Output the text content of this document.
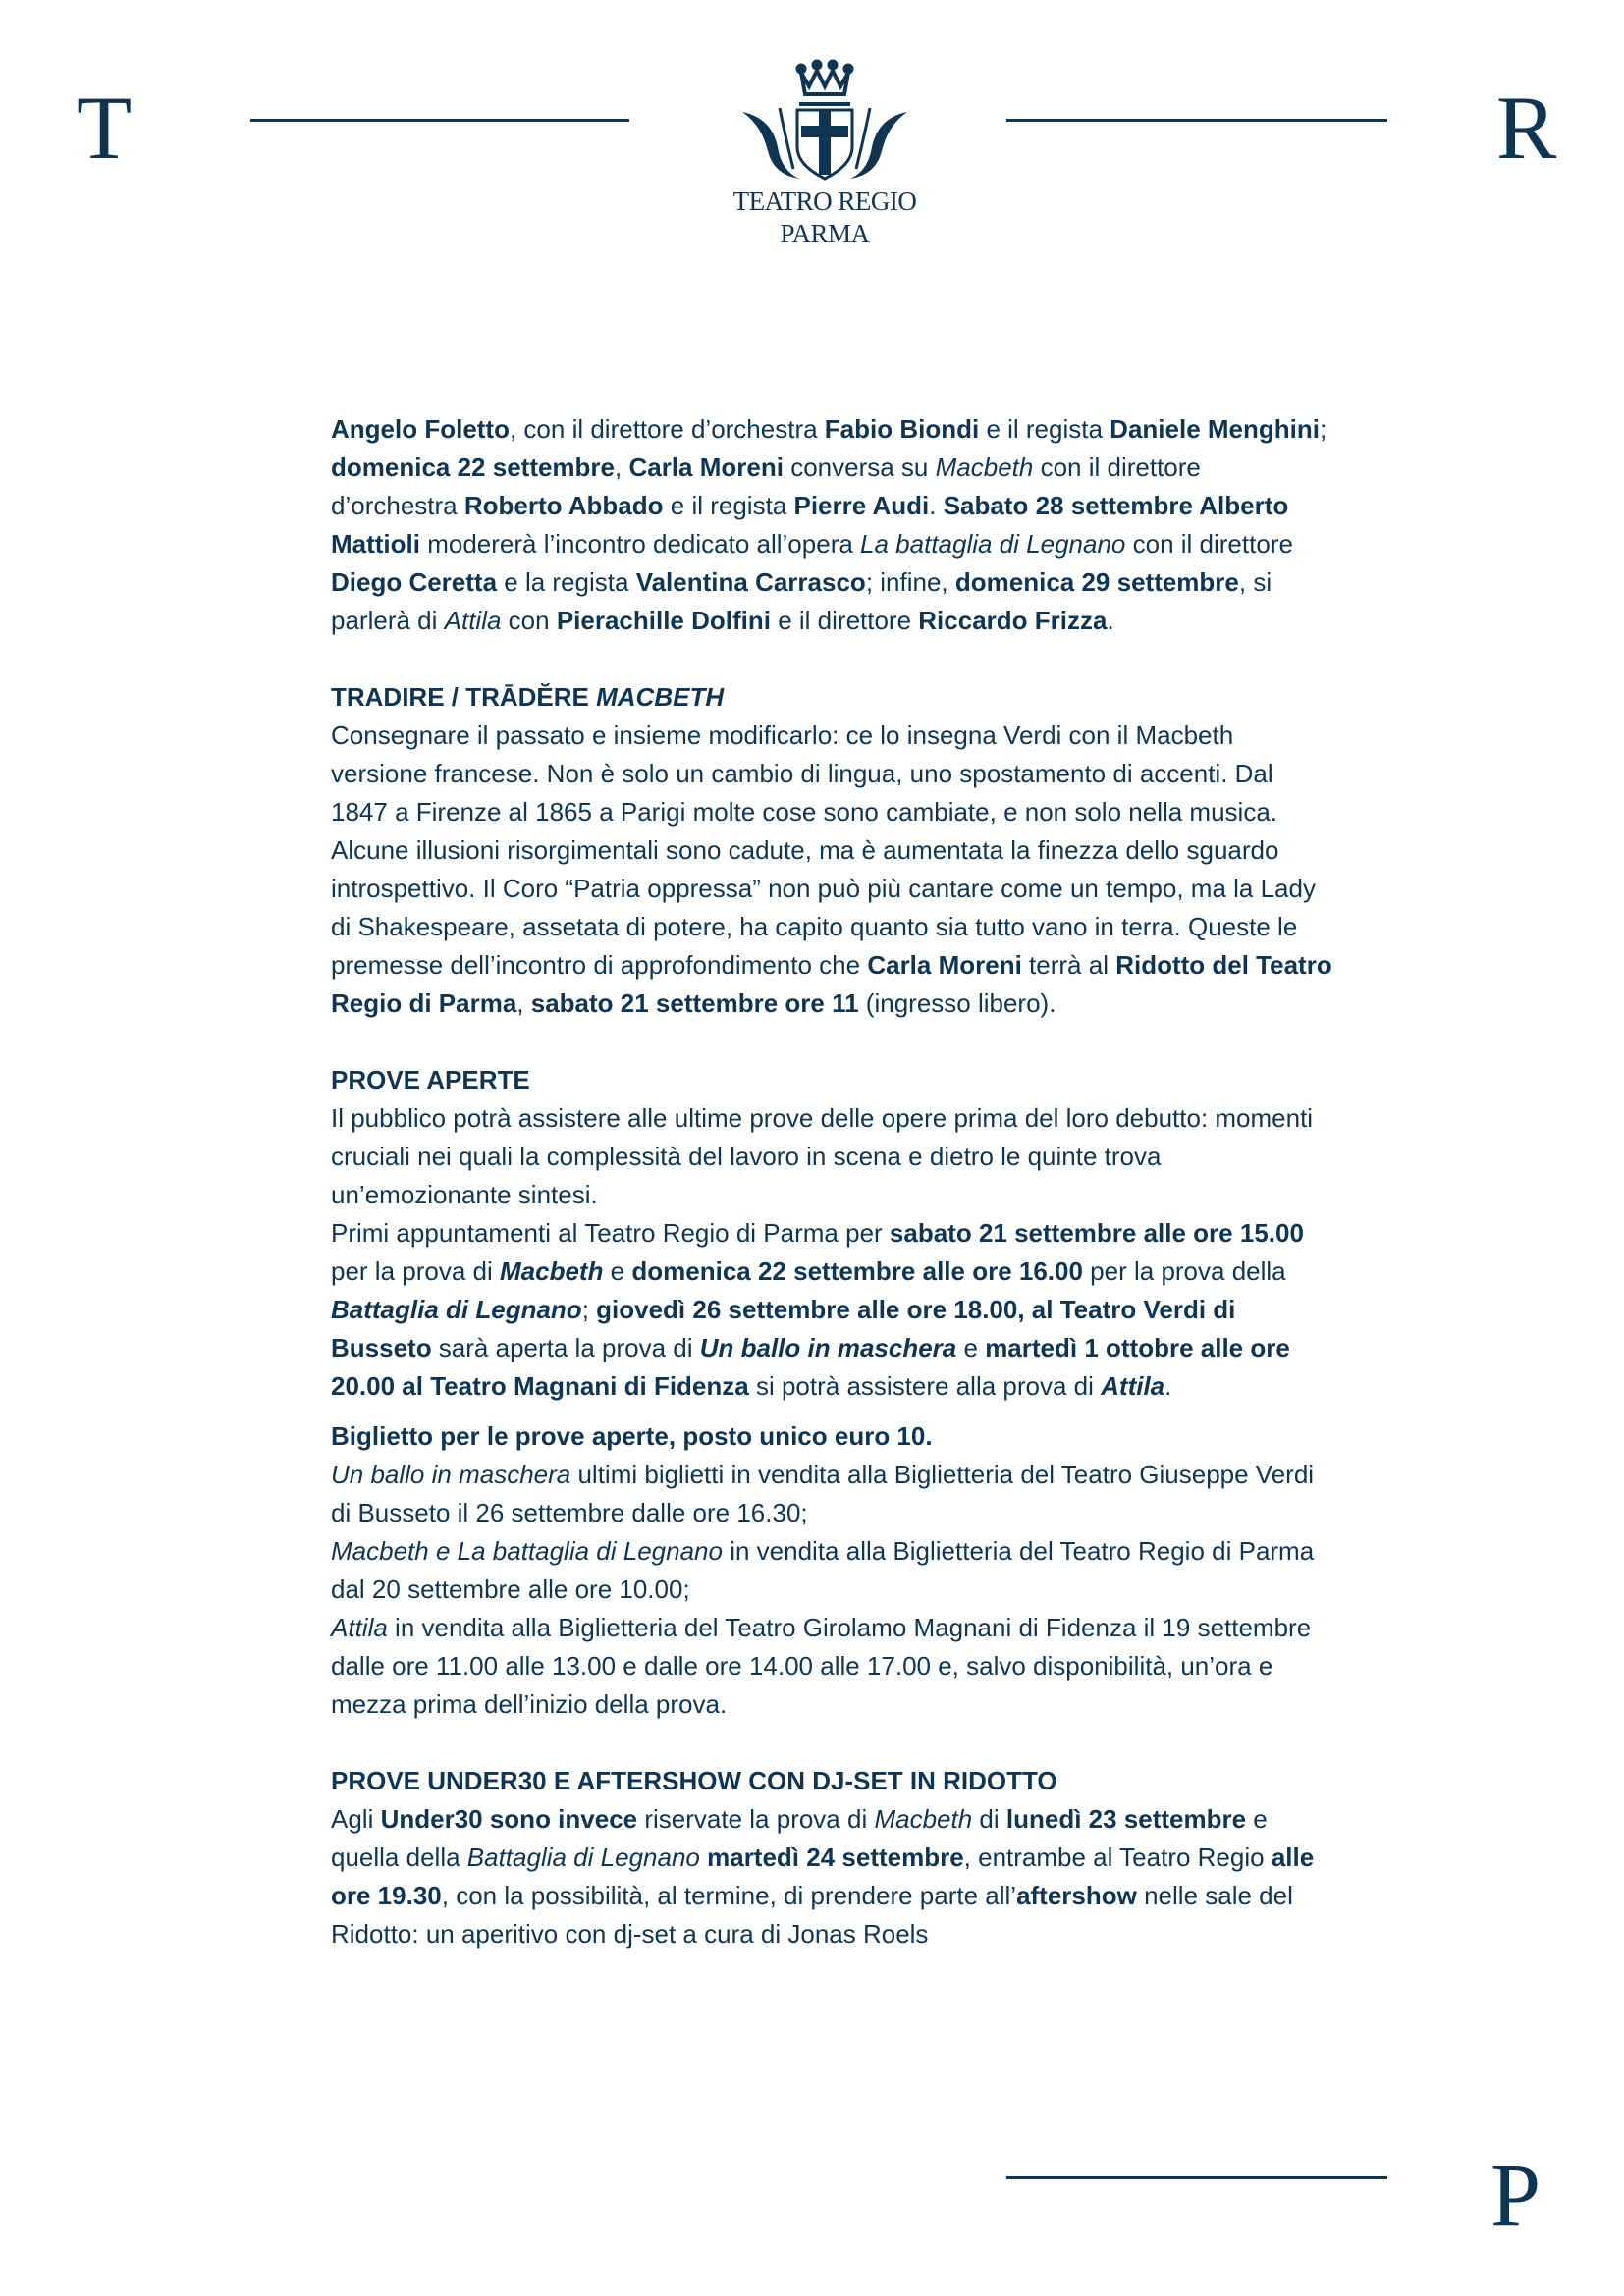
T
TEATRO REGIO
PARMA
R

Angelo Foletto, con il direttore d’orchestra Fabio Biondi e il regista Daniele Menghini; domenica 22 settembre, Carla Moreni conversa su Macbeth con il direttore d’orchestra Roberto Abbado e il regista Pierre Audi. Sabato 28 settembre Alberto Mattioli modererà l’incontro dedicato all’opera La battaglia di Legnano con il direttore Diego Ceretta e la regista Valentina Carrasco; infine, domenica 29 settembre, si parlerà di Attila con Pierachille Dolfini e il direttore Riccardo Frizza.

TRADIRE / TRĀDĔRE MACBETH

Consegnare il passato e insieme modificarlo: ce lo insegna Verdi con il Macbeth versione francese. Non è solo un cambio di lingua, uno spostamento di accenti. Dal 1847 a Firenze al 1865 a Parigi molte cose sono cambiate, e non solo nella musica. Alcune illusioni risorgimentali sono cadute, ma è aumentata la finezza dello sguardo introspettivo. Il Coro “Patria oppressa” non può più cantare come un tempo, ma la Lady di Shakespeare, assetata di potere, ha capito quanto sia tutto vano in terra. Queste le premesse dell’incontro di approfondimento che Carla Moreni terrà al Ridotto del Teatro Regio di Parma, sabato 21 settembre ore 11 (ingresso libero).

PROVE APERTE

Il pubblico potrà assistere alle ultime prove delle opere prima del loro debutto: momenti cruciali nei quali la complessità del lavoro in scena e dietro le quinte trova un’emozionante sintesi.

Primi appuntamenti al Teatro Regio di Parma per sabato 21 settembre alle ore 15.00 per la prova di Macbeth e domenica 22 settembre alle ore 16.00 per la prova della Battaglia di Legnano; giovedì 26 settembre alle ore 18.00, al Teatro Verdi di Busseto sarà aperta la prova di Un ballo in maschera e martedì 1 ottobre alle ore 20.00 al Teatro Magnani di Fidenza si potrà assistere alla prova di Attila.

Biglietto per le prove aperte, posto unico euro 10.

Un ballo in maschera ultimi biglietti in vendita alla Biglietteria del Teatro Giuseppe Verdi di Busseto il 26 settembre dalle ore 16.30;

Macbeth e La battaglia di Legnano in vendita alla Biglietteria del Teatro Regio di Parma dal 20 settembre alle ore 10.00;

Attila in vendita alla Biglietteria del Teatro Girolamo Magnani di Fidenza il 19 settembre dalle ore 11.00 alle 13.00 e dalle ore 14.00 alle 17.00 e, salvo disponibilità, un’ora e mezza prima dell’inizio della prova.

PROVE UNDER30 E AFTERSHOW CON DJ-SET IN RIDOTTO

Agli Under30 sono invece riservate la prova di Macbeth di lunedì 23 settembre e quella della Battaglia di Legnano martedì 24 settembre, entrambe al Teatro Regio alle ore 19.30, con la possibilità, al termine, di prendere parte all’aftershow nelle sale del Ridotto: un aperitivo con dj-set a cura di Jonas Roels

P
